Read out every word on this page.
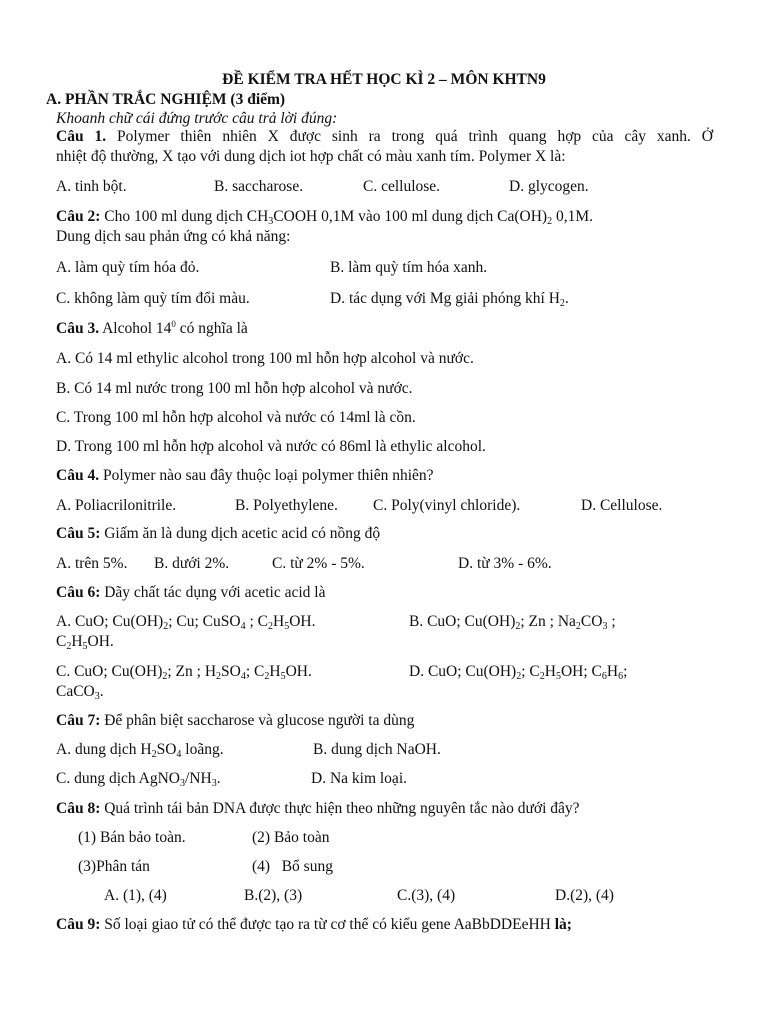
ĐỀ KIỂM TRA HẾT HỌC KÌ 2 – MÔN KHTN9
A. PHẦN TRẮC NGHIỆM (3 điểm)
Khoanh chữ cái đứng trước câu trả lời đúng:
Câu 1. Polymer thiên nhiên X được sinh ra trong quá trình quang hợp của cây xanh. Ở
nhiệt độ thường, X tạo với dung dịch iot hợp chất có màu xanh tím. Polymer X là:
A. tinh bột.	B. saccharose.	C. cellulose.	D. glycogen.
Câu 2: Cho 100 ml dung dịch $CH_3COOH$ 0,1M vào 100 ml dung dịch $Ca(OH)_2$ 0,1M.
Dung dịch sau phản ứng có khả năng:
A. làm quỳ tím hóa đỏ.	B. làm quỳ tím hóa xanh.
C. không làm quỳ tím đổi màu.	D. tác dụng với Mg giải phóng khí $H_2$.
Câu 3. Alcohol $14^0$ có nghĩa là
A. Có 14 ml ethylic alcohol trong 100 ml hỗn hợp alcohol và nước.
B. Có 14 ml nước trong 100 ml hỗn hợp alcohol và nước.
C. Trong 100 ml hỗn hợp alcohol và nước có 14ml là cồn.
D. Trong 100 ml hỗn hợp alcohol và nước có 86ml là ethylic alcohol.
Câu 4. Polymer nào sau đây thuộc loại polymer thiên nhiên?
A. Poliacrilonitrile.	B. Polyethylene. C. Poly(vinyl chloride).	D. Cellulose.
Câu 5: Giấm ăn là dung dịch acetic acid có nồng độ
A. trên 5%. B. dưới 2%.	C. từ 2% - 5%.	D. từ 3% - 6%.
Câu 6: Dãy chất tác dụng với acetic acid là
A. CuO; $Cu(OH)_2$; Cu; CuSO$_4$ ; $C_2H_5OH$.	B. CuO; $Cu(OH)_2$; Zn ; $Na_2CO_3$ ;
$C_2H_5OH$.
C. CuO; $Cu(OH)_2$; Zn ; $H_2SO_4$; $C_2H_5OH$.	D. CuO; $Cu(OH)_2$; $C_2H_5OH$; $C_6H_6$;
CaCO$_3$.
Câu 7: Để phân biệt saccharose và glucose người ta dùng
A. dung dịch $H_2SO_4$ loãng.	B. dung dịch NaOH.
C. dung dịch $AgNO_3/NH_3$.	D. Na kim loại.
Câu 8: Quá trình tái bản DNA được thực hiện theo những nguyên tắc nào dưới đây?
(1) Bán bảo toàn.	(2) Bảo toàn
(3)Phân tán	(4)   Bổ sung
A. (1), (4)	B.(2), (3)	C.(3), (4)	D.(2), (4)
Câu 9: Số loại giao tử có thể được tạo ra từ cơ thể có kiểu gene AaBbDDEeHH là;
